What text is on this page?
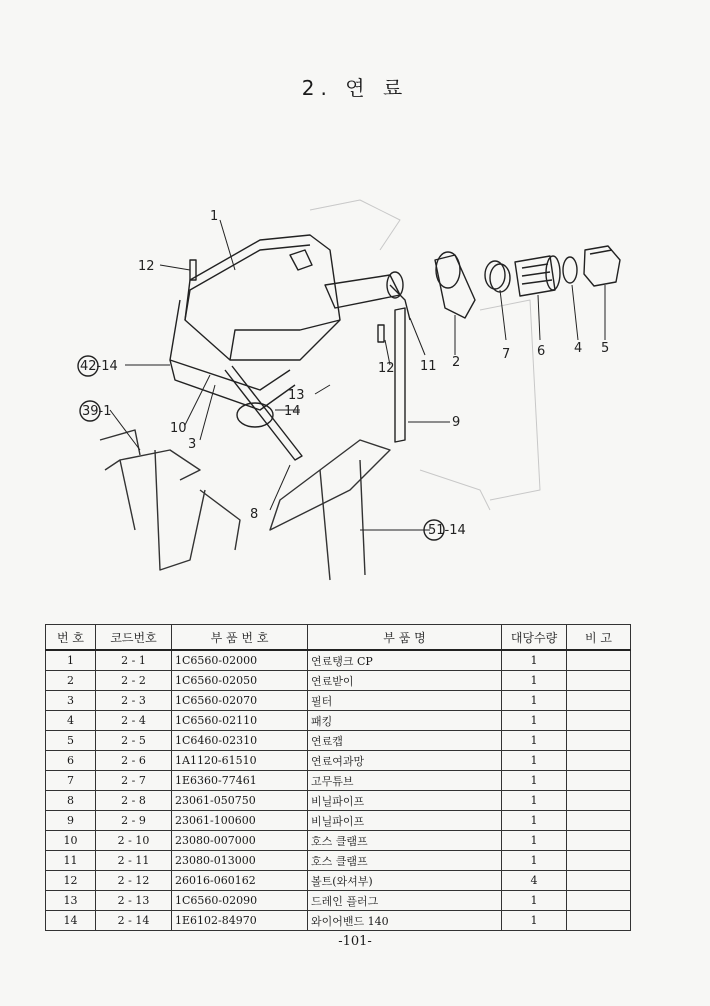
2. 연 료
1
12
42-14
39-1
10
3
8
13
14
12 11 2
7 6 4 5
9
51-14
번 호	코드번호	부 품 번 호	부 품 명	대당수량	비 고
1	2 - 1	1C6560-02000	연료탱크 CP	1	
2	2 - 2	1C6560-02050	연료받이	1	
3	2 - 3	1C6560-02070	필터	1	
4	2 - 4	1C6560-02110	패킹	1	
5	2 - 5	1C6460-02310	연료캡	1	
6	2 - 6	1A1120-61510	연료여과망	1	
7	2 - 7	1E6360-77461	고무튜브	1	
8	2 - 8	23061-050750	비닐파이프	1	
9	2 - 9	23061-100600	비닐파이프	1	
10	2 - 10	23080-007000	호스 클램프	1	
11	2 - 11	23080-013000	호스 클램프	1	
12	2 - 12	26016-060162	볼트(와셔부)	4	
13	2 - 13	1C6560-02090	드레인 플러그	1	
14	2 - 14	1E6102-84970	와이어밴드 140	1	
-101-
